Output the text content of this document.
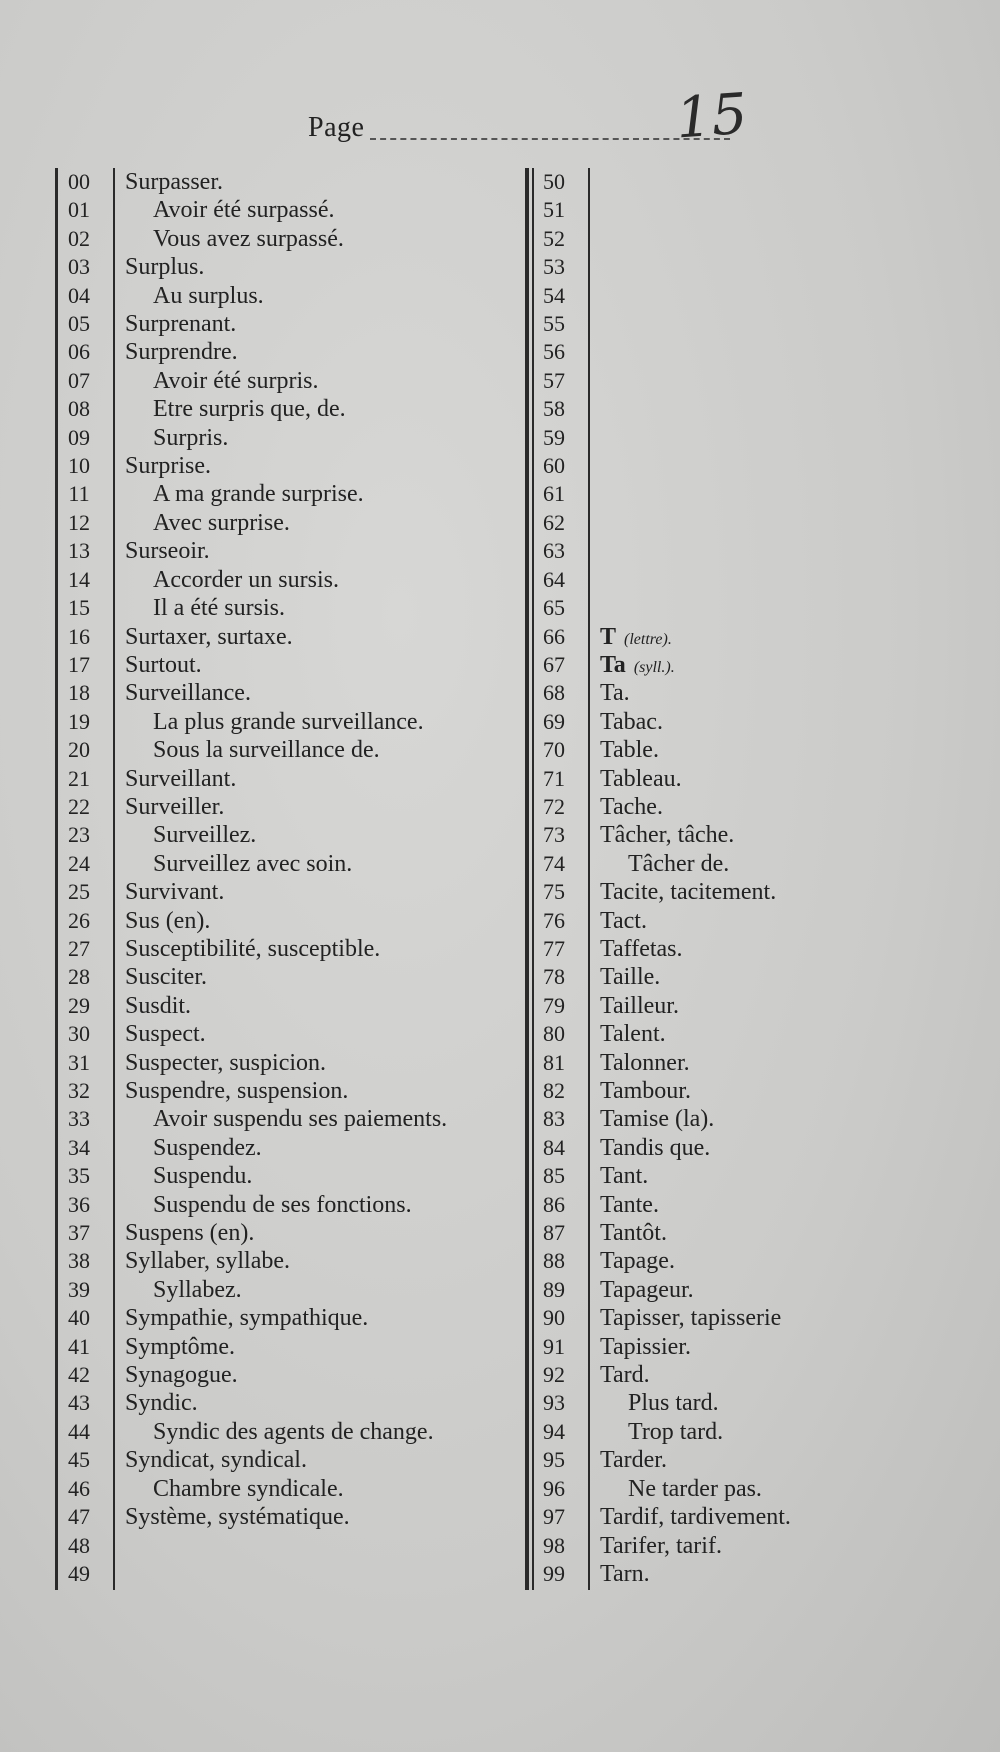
Page	15
00	Surpasser.
01	Avoir été surpassé.
02	Vous avez surpassé.
03	Surplus.
04	Au surplus.
05	Surprenant.
06	Surprendre.
07	Avoir été surpris.
08	Etre surpris que, de.
09	Surpris.
10	Surprise.
11	A ma grande surprise.
12	Avec surprise.
13	Surseoir.
14	Accorder un sursis.
15	Il a été sursis.
16	Surtaxer, surtaxe.
17	Surtout.
18	Surveillance.
19	La plus grande surveillance.
20	Sous la surveillance de.
21	Surveillant.
22	Surveiller.
23	Surveillez.
24	Surveillez avec soin.
25	Survivant.
26	Sus (en).
27	Susceptibilité, susceptible.
28	Susciter.
29	Susdit.
30	Suspect.
31	Suspecter, suspicion.
32	Suspendre, suspension.
33	Avoir suspendu ses paiements.
34	Suspendez.
35	Suspendu.
36	Suspendu de ses fonctions.
37	Suspens (en).
38	Syllaber, syllabe.
39	Syllabez.
40	Sympathie, sympathique.
41	Symptôme.
42	Synagogue.
43	Syndic.
44	Syndic des agents de change.
45	Syndicat, syndical.
46	Chambre syndicale.
47	Système, systématique.
48
49
50
51
52
53
54
55
56
57
58
59
60
61
62
63
64
65
66	T (lettre).
67	Ta (syll.).
68	Ta.
69	Tabac.
70	Table.
71	Tableau.
72	Tache.
73	Tâcher, tâche.
74	Tâcher de.
75	Tacite, tacitement.
76	Tact.
77	Taffetas.
78	Taille.
79	Tailleur.
80	Talent.
81	Talonner.
82	Tambour.
83	Tamise (la).
84	Tandis que.
85	Tant.
86	Tante.
87	Tantôt.
88	Tapage.
89	Tapageur.
90	Tapisser, tapisserie
91	Tapissier.
92	Tard.
93	Plus tard.
94	Trop tard.
95	Tarder.
96	Ne tarder pas.
97	Tardif, tardivement.
98	Tarifer, tarif.
99	Tarn.
